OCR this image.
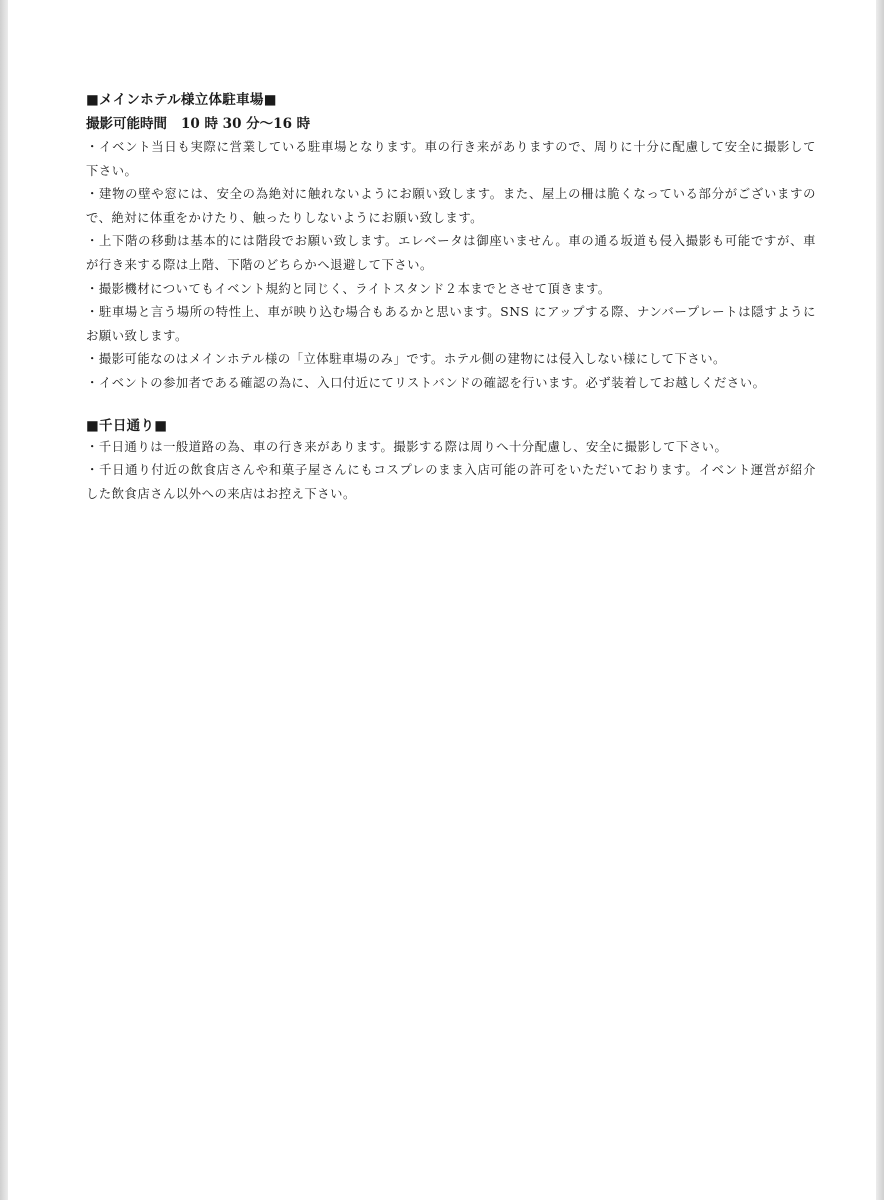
■メインホテル様立体駐車場■

撮影可能時間 10 時 30 分〜16 時

・イベント当日も実際に営業している駐車場となります。車の行き来がありますので、周りに十分に配慮して安全に撮影して下さい。

・建物の壁や窓には、安全の為絶対に触れないようにお願い致します。また、屋上の柵は脆くなっている部分がございますので、絶対に体重をかけたり、触ったりしないようにお願い致します。

・上下階の移動は基本的には階段でお願い致します。エレベータは御座いません。車の通る坂道も侵入撮影も可能ですが、車が行き来する際は上階、下階のどちらかへ退避して下さい。

・撮影機材についてもイベント規約と同じく、ライトスタンド２本までとさせて頂きます。

・駐車場と言う場所の特性上、車が映り込む場合もあるかと思います。SNS にアップする際、ナンバープレートは隠すようにお願い致します。

・撮影可能なのはメインホテル様の「立体駐車場のみ」です。ホテル側の建物には侵入しない様にして下さい。

・イベントの参加者である確認の為に、入口付近にてリストバンドの確認を行います。必ず装着してお越しください。

■千日通り■

・千日通りは一般道路の為、車の行き来があります。撮影する際は周りへ十分配慮し、安全に撮影して下さい。

・千日通り付近の飲食店さんや和菓子屋さんにもコスプレのまま入店可能の許可をいただいております。イベント運営が紹介した飲食店さん以外への来店はお控え下さい。
